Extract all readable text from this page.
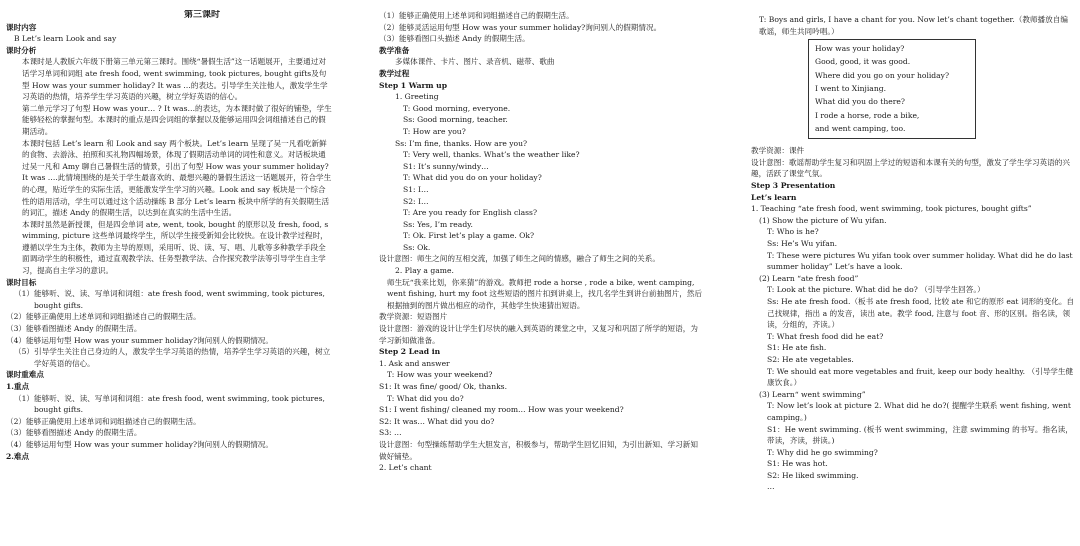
第三课时
课时内容
B Let’s learn Look and say
课时分析
本课时是人教版六年级下册第三单元第三课时。围绕“暑假生活”这一话题展开，主要通过对话学习单词和词组 ate fresh food, went swimming, took pictures, bought gifts及句型 How was your summer holiday? It was …的表达。引导学生关注他人，激发学生学习英语的热情，培养学生学习英语的兴趣，树立学好英语的信心。
第二单元学习了句型 How was your… ? It was…的表达，为本课时做了很好的铺垫，学生能够轻松的掌握句型。本课时的重点是四会词组的掌握以及能够运用四会词组描述自己的假期活动。
本课时包括 Let’s learn 和 Look and say 两个板块。Let’s learn 呈现了吴一凡看吃新鲜的食物、去游泳、拍照和买礼物四幅场景，体现了假期活动单词的词性和意义。对话板块通过吴一凡和 Amy 聊自己暑假生活的情景，引出了句型 How was your summer holiday? It was ….此情境围绕的是关于学生最喜欢的、最想兴趣的暑假生活这一话题展开，符合学生的心理，贴近学生的实际生活，更能激发学生学习的兴趣。Look and say 板块是一个综合性的语用活动，学生可以通过这个活动操练 B 部分 Let’s learn 板块中所学的有关假期生活的词汇，描述 Andy 的假期生活，以达到在真实的生活中生活。
本课时虽然是新授课，但是四会单词 ate, went, took, bought 的原形以及 fresh, food, swimming, picture 这些单词最终学生，所以学生接受新知会比较快。在设计教学过程时，遵循以学生为主体，教师为主导的原则，采用听、说、读、写、唱、儿歌等多种教学手段全面调动学生的积极性，通过直观教学法、任务型教学法、合作探究教学法等引导学生自主学习，提高自主学习的意识。
课时目标
（1）能够听、说、读、写单词和词组：ate fresh food, went swimming, took pictures, bought gifts.
（2）能够正确使用上述单词和词组描述自己的假期生活。
（3）能够看图描述 Andy 的假期生活。
（4）能够运用句型 How was your summer holiday?询问别人的假期情况。
（5）引导学生关注自己身边的人，激发学生学习英语的热情，培养学生学习英语的兴趣，树立学好英语的信心。
课时重难点
1.重点
（1）能够听、说、读、写单词和词组：ate fresh food, went swimming, took pictures, bought gifts.
（2）能够正确使用上述单词和词组描述自己的假期生活。
（3）能够看图描述 Andy 的假期生活。
（4）能够运用句型 How was your summer holiday?询问别人的假期情况。
2.难点
（1）能够正确使用上述单词和词组描述自己的假期生活。
（2）能够灵活运用句型 How was your summer holiday?询问别人的假期情况。
（3）能够看图口头描述 Andy 的假期生活。
教学准备
多媒体课件、卡片、图片、录音机、磁带、歌曲
教学过程
Step 1 Warm up
1. Greeting
T: Good morning, everyone.
Ss: Good morning, teacher.
T: How are you?
Ss: I’m fine, thanks. How are you?
T: Very well, thanks. What’s the weather like?
S1: It’s sunny/windy…
T: What did you do on your holiday?
S1: I…
S2: I…
T: Are you ready for English class?
Ss: Yes, I’m ready.
T: Ok. First let’s play a game. Ok?
Ss: Ok.
设计意图：师生之间的互相交流，加强了师生之间的情感，融合了师生之间的关系。
2. Play a game.
师生玩“我来比划，你来猜”的游戏。教师把 rode a horse , rode a bike, went camping, went fishing, hurt my foot 这些短语的图片扣到讲桌上，找几名学生到讲台前抽图片，然后根据抽到的图片做出相应的动作，其他学生快速猜出短语。
教学资源：短语图片
设计意图：游戏的设计让学生们尽快的融入到英语的课堂之中，又复习和巩固了所学的短语，为学习新知做准备。
Step 2 Lead in
1. Ask and answer
T: How was your weekend?
S1: It was fine/ good/ Ok, thanks.
T: What did you do?
S1: I went fishing/ cleaned my room… How was your weekend?
S2: It was… What did you do?
S3: …
设计意图：句型操练帮助学生大胆发言，积极参与，帮助学生回忆旧知，为引出新知、学习新知做好铺垫。
2. Let’s chant
T: Boys and girls, I have a chant for you. Now let’s chant together.（教师播放自编歌谣，师生共同吟唱。）
How was your holiday?
Good, good, it was good.
Where did you go on your holiday?
I went to Xinjiang.
What did you do there?
I rode a horse, rode a bike,
and went camping, too.
教学资源：课件
设计意图：歌谣帮助学生复习和巩固上学过的短语和本课有关的句型，激发了学生学习英语的兴趣，活跃了课堂气氛。
Step 3 Presentation
Let’s learn
1. Teaching “ate fresh food, went swimming, took pictures, bought gifts”
(1) Show the picture of Wu yifan.
T: Who is he?
Ss: He’s Wu yifan.
T: These were pictures Wu yifan took over summer holiday. What did he do last summer holiday” Let’s have a look.
(2) Learn “ate fresh food”
T: Look at the picture. What did he do? （引导学生回答。）
Ss: He ate fresh food.（板书 ate fresh food, 比较 ate 和它的原形 eat 词形的变化。自己找规律，指出 a 的发音，读出 ate。教学 food, 注意与 foot 音、形的区别。指名读，领读，分组的，齐读。）
T: What fresh food did he eat?
S1: He ate fish.
S2: He ate vegetables.
T: We should eat more vegetables and fruit, keep our body healthy. （引导学生健康饮食。）
(3) Learn“ went swimming”
T: Now let’s look at picture 2. What did he do?( 提醒学生联系 went fishing, went camping。)
S1：He went swimming. (板书 went swimming，注意 swimming 的书写。指名读，带读，齐读，拼读。)
T: Why did he go swimming?
S1: He was hot.
S2: He liked swimming.
…
